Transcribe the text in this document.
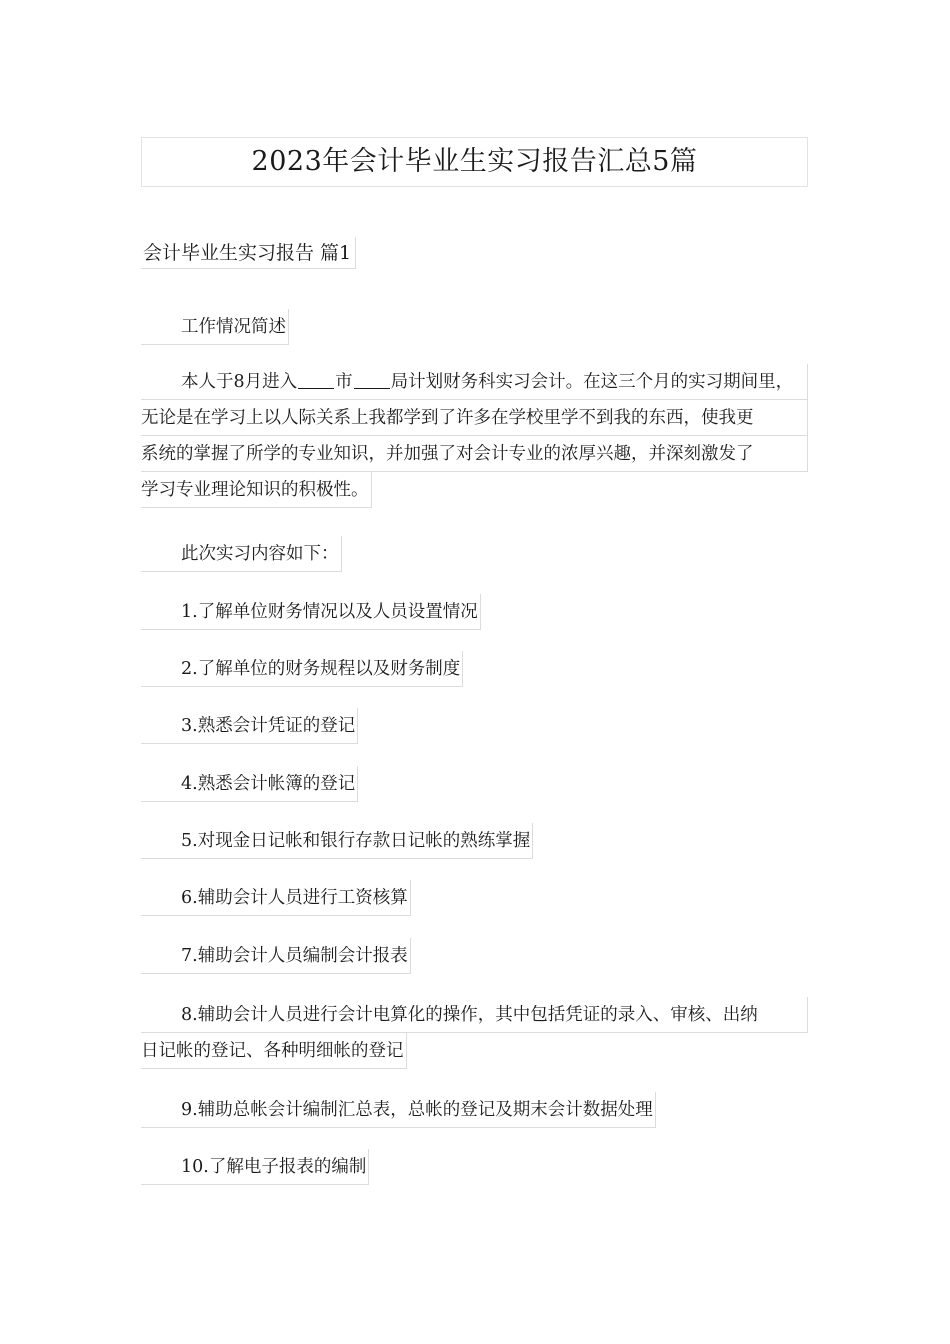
2023年会计毕业生实习报告汇总5篇
会计毕业生实习报告 篇1
工作情况简述
本人于8月进入 市 局计划财务科实习会计。在这三个月的实习期间里，
无论是在学习上以人际关系上我都学到了许多在学校里学不到我的东西，使我更
系统的掌握了所学的专业知识，并加强了对会计专业的浓厚兴趣，并深刻激发了
学习专业理论知识的积极性。
此次实习内容如下：
1.了解单位财务情况以及人员设置情况
2.了解单位的财务规程以及财务制度
3.熟悉会计凭证的登记
4.熟悉会计帐簿的登记
5.对现金日记帐和银行存款日记帐的熟练掌握
6.辅助会计人员进行工资核算
7.辅助会计人员编制会计报表
8.辅助会计人员进行会计电算化的操作，其中包括凭证的录入、审核、出纳
日记帐的登记、各种明细帐的登记
9.辅助总帐会计编制汇总表，总帐的登记及期末会计数据处理
10.了解电子报表的编制
